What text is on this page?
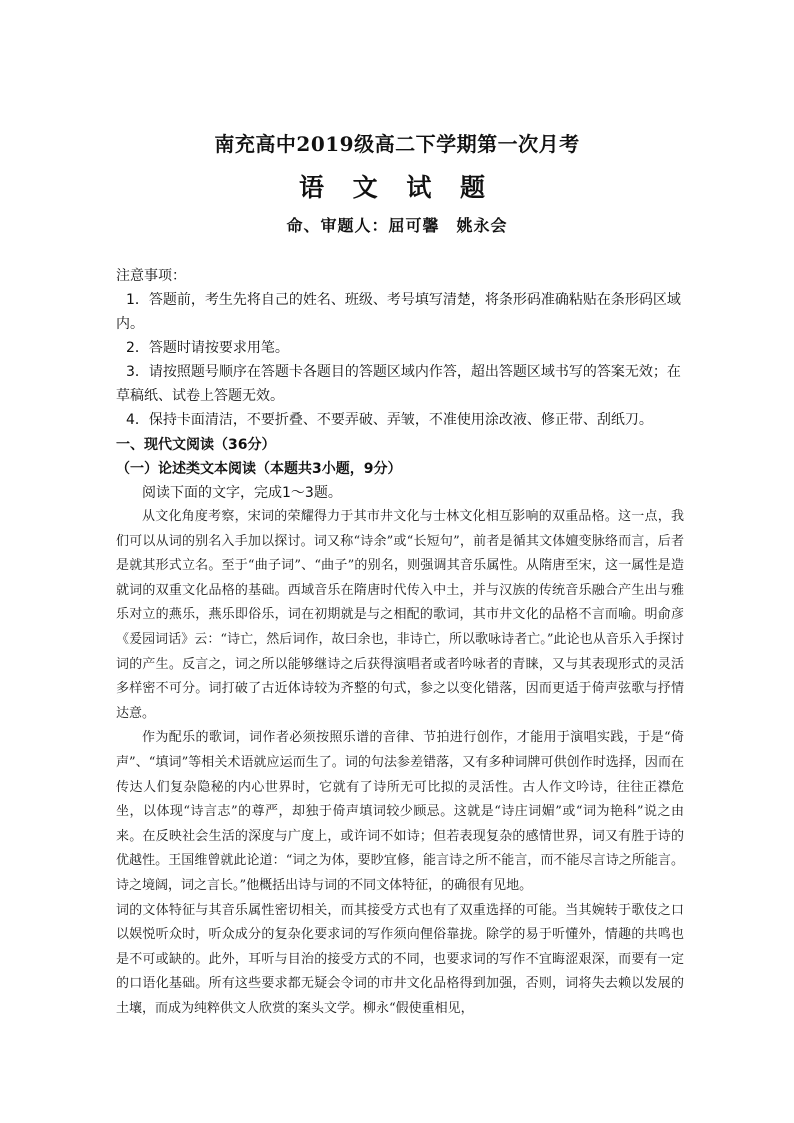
南充高中2019级高二下学期第一次月考
语 文 试 题
命、审题人：屈可馨　姚永会

注意事项：

1．答题前，考生先将自己的姓名、班级、考号填写清楚，将条形码准确粘贴在条形码区域内。

2．答题时请按要求用笔。

3．请按照题号顺序在答题卡各题目的答题区域内作答，超出答题区域书写的答案无效；在草稿纸、试卷上答题无效。

4．保持卡面清洁，不要折叠、不要弄破、弄皱，不准使用涂改液、修正带、刮纸刀。

一、现代文阅读（36分）
（一）论述类文本阅读（本题共3小题，9分）
阅读下面的文字，完成1～3题。

从文化角度考察，宋词的荣耀得力于其市井文化与士林文化相互影响的双重品格。这一点，我们可以从词的别名入手加以探讨。词又称“诗余”或“长短句”，前者是循其文体嬗变脉络而言，后者是就其形式立名。至于“曲子词”、“曲子”的别名，则强调其音乐属性。从隋唐至宋，这一属性是造就词的双重文化品格的基础。西域音乐在隋唐时代传入中土，并与汉族的传统音乐融合产生出与雅乐对立的燕乐，燕乐即俗乐，词在初期就是与之相配的歌词，其市井文化的品格不言而喻。明俞彦《爰园词话》云：“诗亡，然后词作，故曰余也，非诗亡，所以歌咏诗者亡。”此论也从音乐入手探讨词的产生。反言之，词之所以能够继诗之后获得演唱者或者吟咏者的青睐，又与其表现形式的灵活多样密不可分。词打破了古近体诗较为齐整的句式，参之以变化错落，因而更适于倚声弦歌与抒情达意。

作为配乐的歌词，词作者必须按照乐谱的音律、节拍进行创作，才能用于演唱实践，于是“倚声”、“填词”等相关术语就应运而生了。词的句法参差错落，又有多种词牌可供创作时选择，因而在传达人们复杂隐秘的内心世界时，它就有了诗所无可比拟的灵活性。古人作文吟诗，往往正襟危坐，以体现“诗言志”的尊严，却独于倚声填词较少顾忌。这就是“诗庄词媚”或“词为艳科”说之由来。在反映社会生活的深度与广度上，或许词不如诗；但若表现复杂的感情世界，词又有胜于诗的优越性。王国维曾就此论道：“词之为体，要眇宜修，能言诗之所不能言，而不能尽言诗之所能言。诗之境阔，词之言长。”他概括出诗与词的不同文体特征，的确很有见地。

词的文体特征与其音乐属性密切相关，而其接受方式也有了双重选择的可能。当其婉转于歌伎之口以娱悦听众时，听众成分的复杂化要求词的写作须向俚俗靠拢。除学的易于听懂外，情趣的共鸣也是不可或缺的。此外，耳听与目治的接受方式的不同，也要求词的写作不宜晦涩艰深，而要有一定的口语化基础。所有这些要求都无疑会令词的市井文化品格得到加强，否则，词将失去赖以发展的土壤，而成为纯粹供文人欣赏的案头文学。柳永“假使重相见，
